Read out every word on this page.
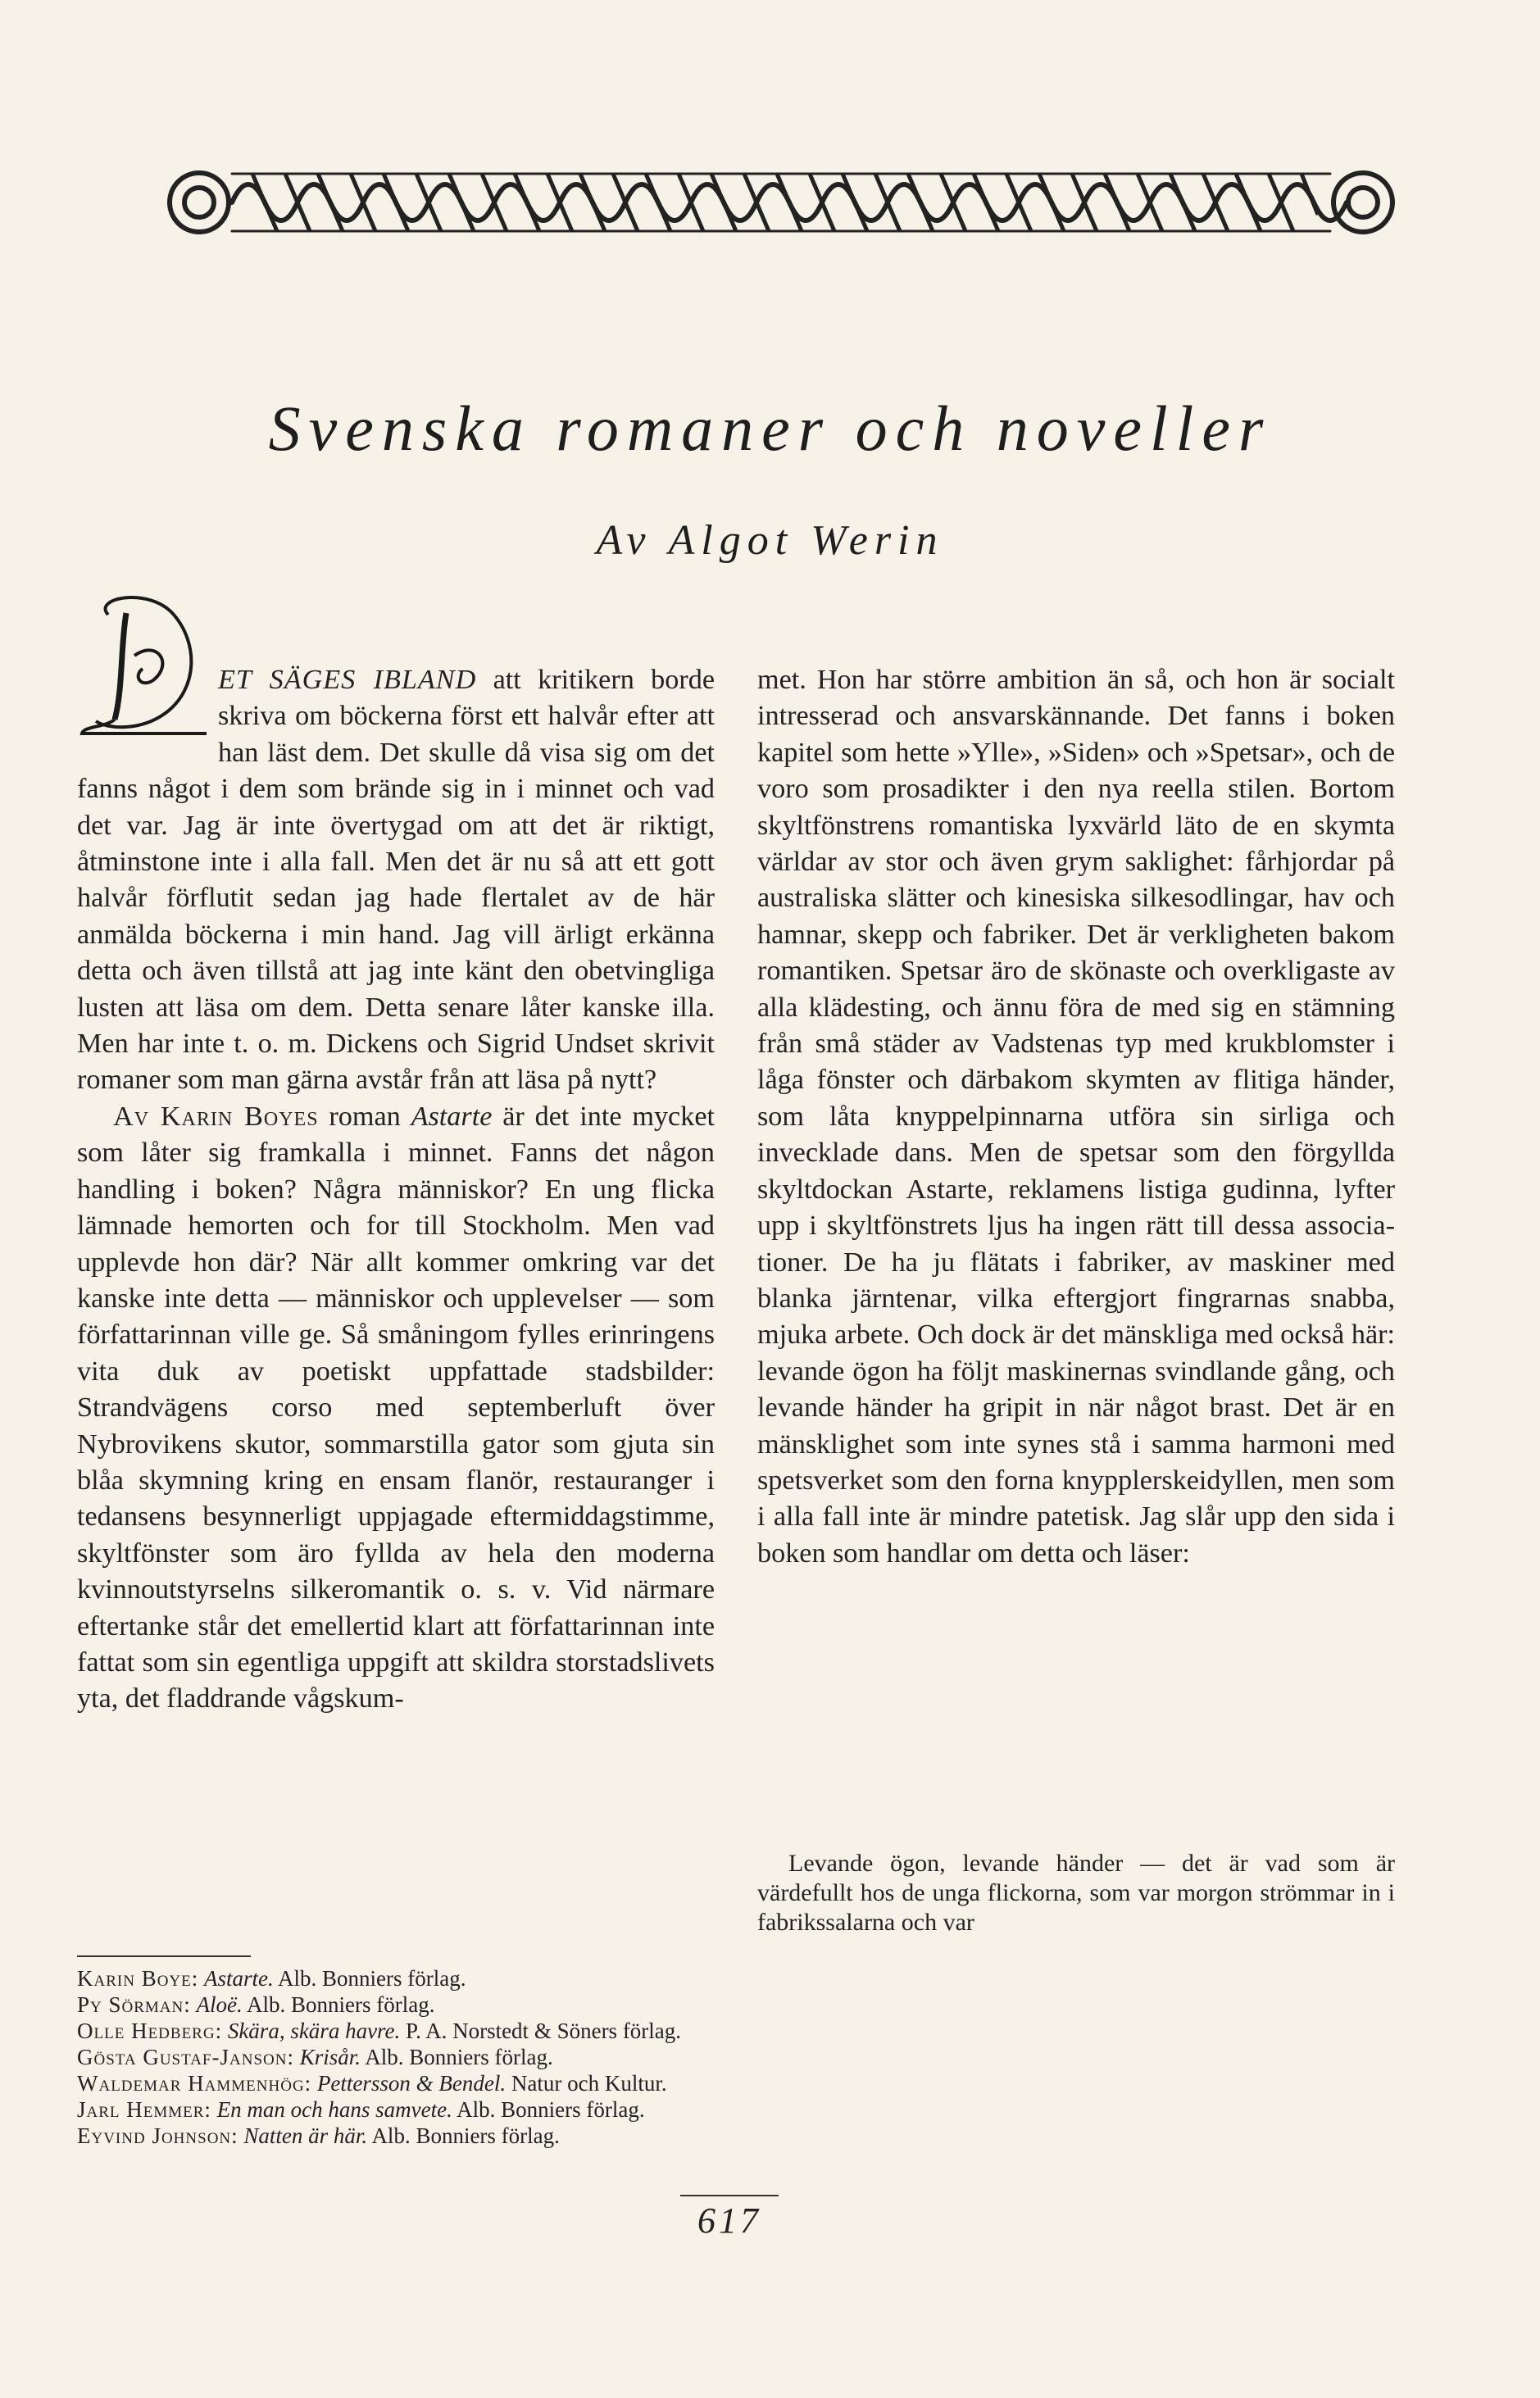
Svenska romaner och noveller
Av Algot Werin

D ET SÄGES IBLAND att kritikern borde skriva om böckerna först ett halvår efter att han läst dem. Det skulle då visa sig om det fanns något i dem som brände sig in i minnet och vad det var. Jag är inte övertygad om att det är riktigt, åtminstone inte i alla fall. Men det är nu så att ett gott halvår förflutit sedan jag hade flertalet av de här anmälda böckerna i min hand. Jag vill ärligt erkänna detta och även tillstå att jag inte känt den obetvingliga lusten att läsa om dem. Detta senare låter kanske illa. Men har inte t. o. m. Dickens och Sigrid Undset skrivit romaner som man gärna avstår från att läsa på nytt?

Av Karin Boyes roman Astarte är det inte mycket som låter sig framkalla i minnet. Fanns det någon handling i boken? Några människor? En ung flicka lämnade hemorten och for till Stockholm. Men vad upplevde hon där? När allt kommer omkring var det kanske inte detta — människor och upplevelser — som författarinnan ville ge. Så småningom fylles erinringens vita duk av poetiskt uppfattade stadsbilder: Strandvägens corso med septemberluft över Nybrovikens skutor, sommarstilla gator som gjuta sin blåa skymning kring en ensam flanör, restauranger i tedansens besynnerligt uppjagade eftermiddagstimme, skyltfönster som äro fyllda av hela den moderna kvinnoutstyrselns silkeromantik o. s. v. Vid närmare eftertanke står det emellertid klart att författarinnan inte fattat som sin egentliga uppgift att skildra storstadslivets yta, det fladdrande vågskum-

met. Hon har större ambition än så, och hon är socialt intresserad och ansvarskännande. Det fanns i boken kapitel som hette »Ylle», »Siden» och »Spetsar», och de voro som prosadikter i den nya reella stilen. Bortom skyltfönstrens romantiska lyxvärld läto de en skymta världar av stor och även grym saklighet: fårhjordar på australiska slätter och kinesiska silkesodlingar, hav och hamnar, skepp och fabriker. Det är verkligheten bakom romantiken. Spetsar äro de skönaste och overkligaste av alla klädesting, och ännu föra de med sig en stämning från små städer av Vadstenas typ med krukblomster i låga fönster och därbakom skymten av flitiga händer, som låta knyppelpinnarna utföra sin sirliga och invecklade dans. Men de spetsar som den förgyllda skyltdockan Astarte, reklamens listiga gudinna, lyfter upp i skyltfönstrets ljus ha ingen rätt till dessa associationer. De ha ju flätats i fabriker, av maskiner med blanka järntenar, vilka eftergjort fingrarnas snabba, mjuka arbete. Och dock är det mänskliga med också här: levande ögon ha följt maskinernas svindlande gång, och levande händer ha gripit in när något brast. Det är en mänsklighet som inte synes stå i samma harmoni med spetsverket som den forna knypplerskeidyllen, men som i alla fall inte är mindre patetisk. Jag slår upp den sida i boken som handlar om detta och läser:

Levande ögon, levande händer — det är vad som är värdefullt hos de unga flickorna, som var morgon strömmar in i fabrikssalarna och var

Karin Boye: Astarte. Alb. Bonniers förlag.
Py Sörman: Aloë. Alb. Bonniers förlag.
Olle Hedberg: Skära, skära havre. P. A. Norstedt & Söners förlag.
Gösta Gustaf-Janson: Krisår. Alb. Bonniers förlag.
Waldemar Hammenhög: Pettersson & Bendel. Natur och Kultur.
Jarl Hemmer: En man och hans samvete. Alb. Bonniers förlag.
Eyvind Johnson: Natten är här. Alb. Bonniers förlag.
617
